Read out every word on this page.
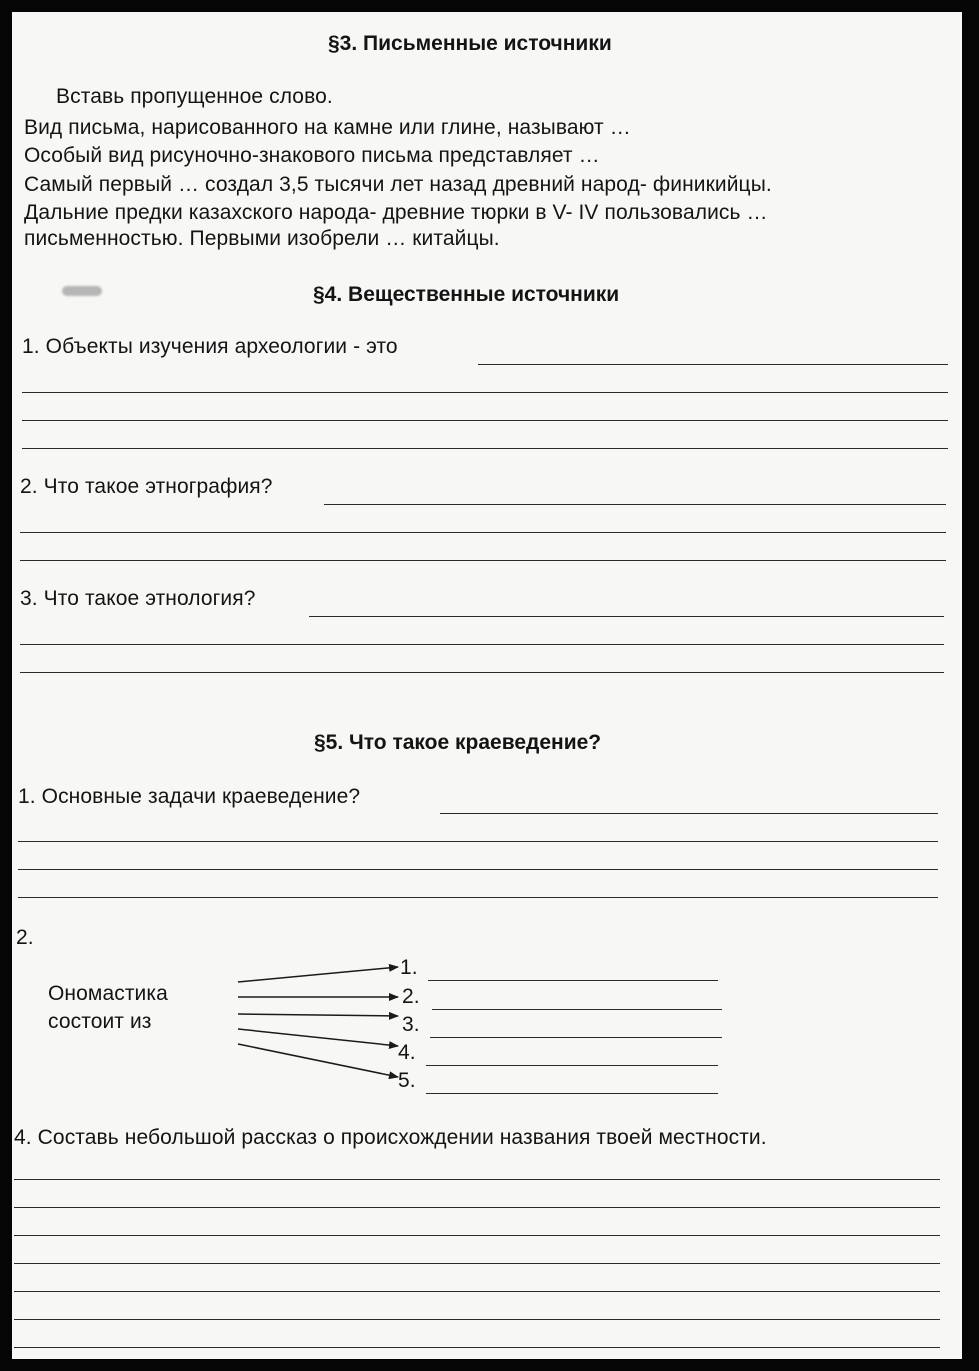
§3. Письменные источники
Вставь пропущенное слово.
Вид письма, нарисованного на камне или глине, называют …
Особый вид рисуночно-знакового письма представляет …
Самый первый … создал 3,5 тысячи лет назад древний народ- финикийцы.
Дальние предки казахского народа- древние тюрки в V- IV пользовались …
письменностью. Первыми изобрели … китайцы.
§4. Вещественные источники
1. Объекты изучения археологии - это
2. Что такое этнография?
3. Что такое этнология?
§5. Что такое краеведение?
1. Основные задачи краеведение?
2.
Ономастика
состоит из
1.
2.
3.
4.
5.
4. Составь небольшой рассказ о происхождении названия твоей местности.
